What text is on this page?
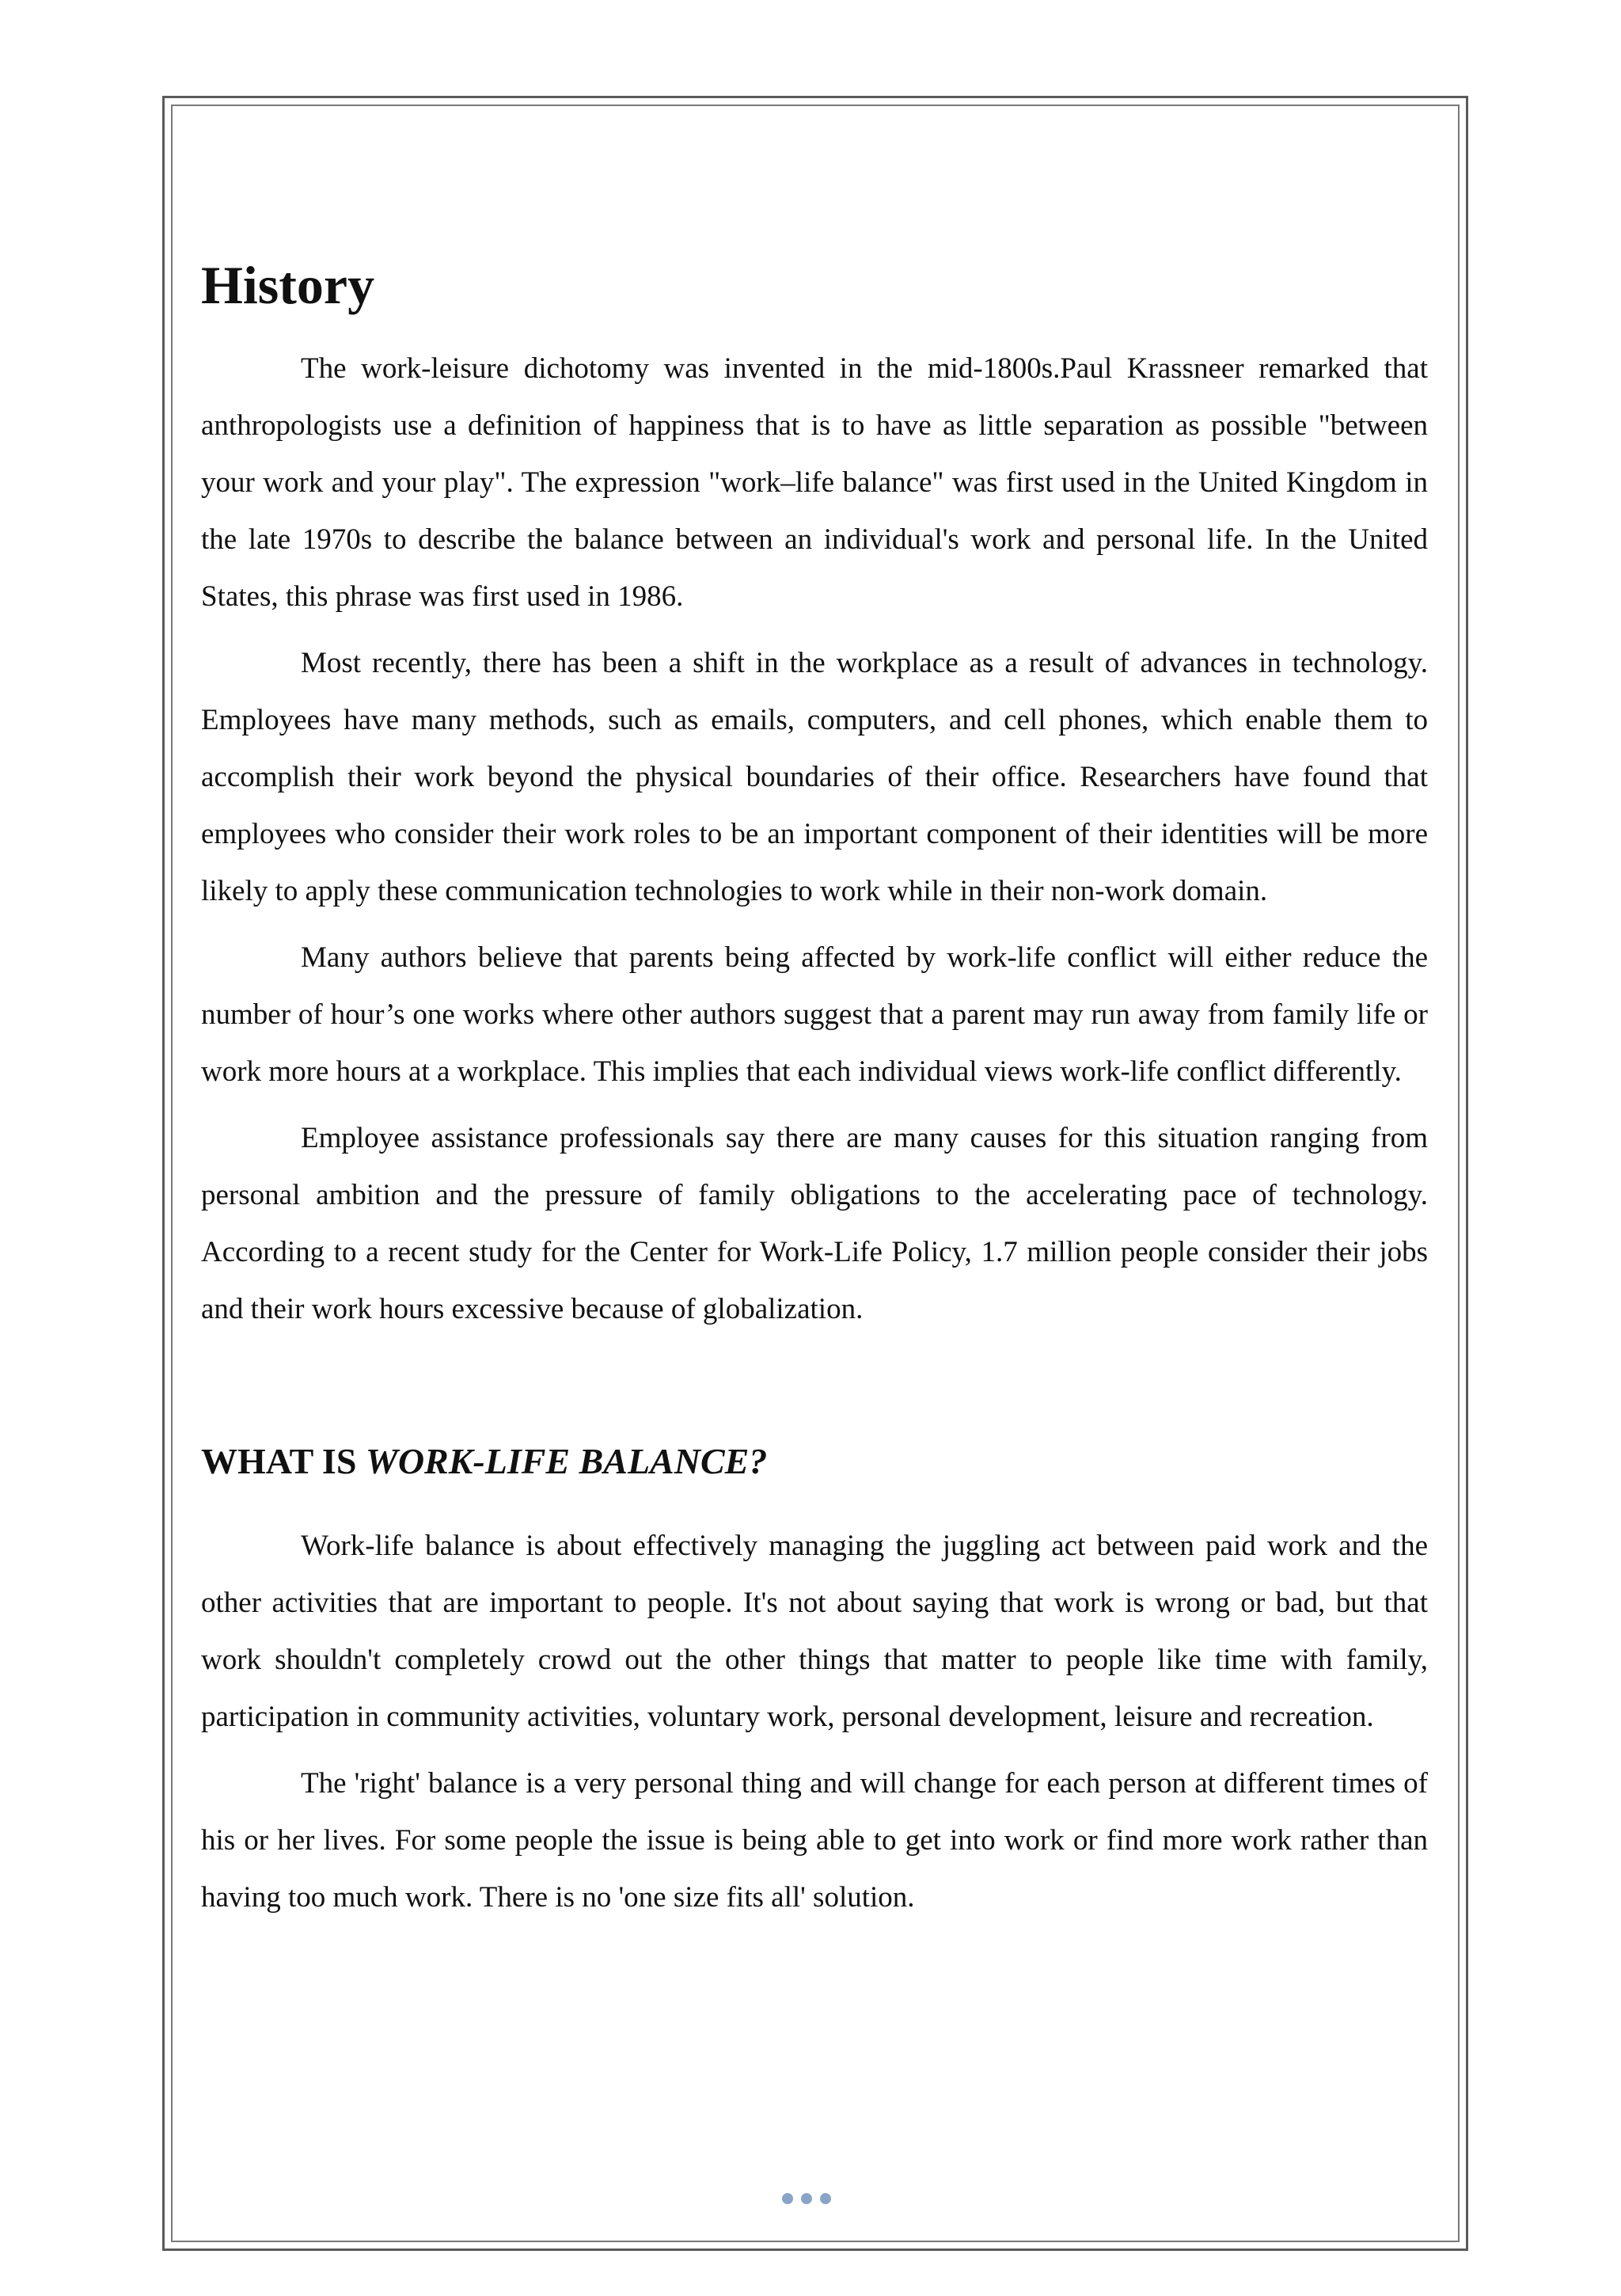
History

The work-leisure dichotomy was invented in the mid-1800s.Paul Krassneer remarked that anthropologists use a definition of happiness that is to have as little separation as possible "between your work and your play". The expression "work–life balance" was first used in the United Kingdom in the late 1970s to describe the balance between an individual's work and personal life. In the United States, this phrase was first used in 1986.

Most recently, there has been a shift in the workplace as a result of advances in technology. Employees have many methods, such as emails, computers, and cell phones, which enable them to accomplish their work beyond the physical boundaries of their office. Researchers have found that employees who consider their work roles to be an important component of their identities will be more likely to apply these communication technologies to work while in their non-work domain.

Many authors believe that parents being affected by work-life conflict will either reduce the number of hour’s one works where other authors suggest that a parent may run away from family life or work more hours at a workplace. This implies that each individual views work-life conflict differently.

Employee assistance professionals say there are many causes for this situation ranging from personal ambition and the pressure of family obligations to the accelerating pace of technology. According to a recent study for the Center for Work-Life Policy, 1.7 million people consider their jobs and their work hours excessive because of globalization.

WHAT IS WORK-LIFE BALANCE?

Work-life balance is about effectively managing the juggling act between paid work and the other activities that are important to people. It's not about saying that work is wrong or bad, but that work shouldn't completely crowd out the other things that matter to people like time with family, participation in community activities, voluntary work, personal development, leisure and recreation.

The 'right' balance is a very personal thing and will change for each person at different times of his or her lives. For some people the issue is being able to get into work or find more work rather than having too much work. There is no 'one size fits all' solution.
